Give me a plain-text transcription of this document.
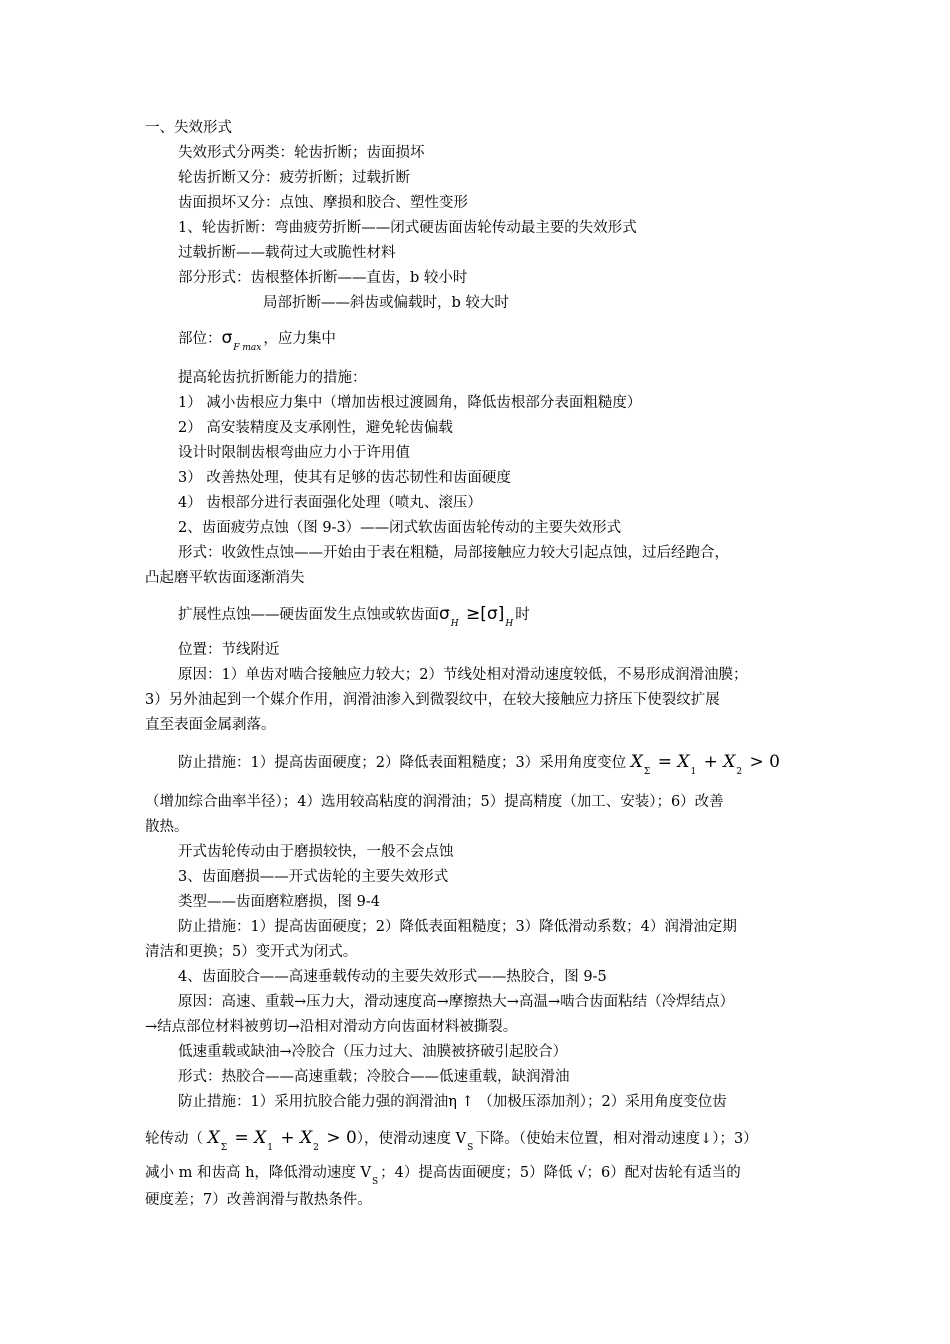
一、失效形式
失效形式分两类：轮齿折断；齿面损坏
轮齿折断又分：疲劳折断；过载折断
齿面损坏又分：点蚀、摩损和胶合、塑性变形
1、轮齿折断：弯曲疲劳折断——闭式硬齿面齿轮传动最主要的失效形式
过载折断——载荷过大或脆性材料
部分形式：齿根整体折断——直齿，b 较小时
局部折断——斜齿或偏载时，b 较大时
部位：$\sigma_{F max}$，应力集中
提高轮齿抗折断能力的措施：
1） 减小齿根应力集中（增加齿根过渡圆角，降低齿根部分表面粗糙度）
2） 高安装精度及支承刚性，避免轮齿偏载
设计时限制齿根弯曲应力小于许用值
3） 改善热处理，使其有足够的齿芯韧性和齿面硬度
4） 齿根部分进行表面强化处理（喷丸、滚压）
2、齿面疲劳点蚀（图 9-3）——闭式软齿面齿轮传动的主要失效形式
形式：收敛性点蚀——开始由于表在粗糙，局部接触应力较大引起点蚀，过后经跑合，
凸起磨平软齿面逐渐消失
扩展性点蚀——硬齿面发生点蚀或软齿面$\sigma_H \ge[\sigma]_H$时
位置：节线附近
原因：1）单齿对啮合接触应力较大；2）节线处相对滑动速度较低，不易形成润滑油膜；
3）另外油起到一个媒介作用，润滑油渗入到微裂纹中，在较大接触应力挤压下使裂纹扩展
直至表面金属剥落。
防止措施：1）提高齿面硬度；2）降低表面粗糙度；3）采用角度变位 $X_\Sigma = X_1 + X_2 > 0$
（增加综合曲率半径）；4）选用较高粘度的润滑油；5）提高精度（加工、安装）；6）改善
散热。
开式齿轮传动由于磨损较快，一般不会点蚀
3、齿面磨损——开式齿轮的主要失效形式
类型——齿面磨粒磨损，图 9-4
防止措施：1）提高齿面硬度；2）降低表面粗糙度；3）降低滑动系数；4）润滑油定期
清洁和更换；5）变开式为闭式。
4、齿面胶合——高速垂载传动的主要失效形式——热胶合，图 9-5
原因：高速、重载→压力大，滑动速度高→摩擦热大→高温→啮合齿面粘结（冷焊结点）
→结点部位材料被剪切→沿相对滑动方向齿面材料被撕裂。
低速重载或缺油→冷胶合（压力过大、油膜被挤破引起胶合）
形式：热胶合——高速重载；冷胶合——低速重载，缺润滑油
防止措施：1）采用抗胶合能力强的润滑油η ↑ （加极压添加剂）；2）采用角度变位齿
轮传动（ $X_\Sigma = X_1 + X_2 > 0$），使滑动速度 $V_S$下降。（使始末位置，相对滑动速度↓）；3）
减小 m 和齿高 h，降低滑动速度 $V_S$；4）提高齿面硬度；5）降低 √；6）配对齿轮有适当的
硬度差；7）改善润滑与散热条件。
